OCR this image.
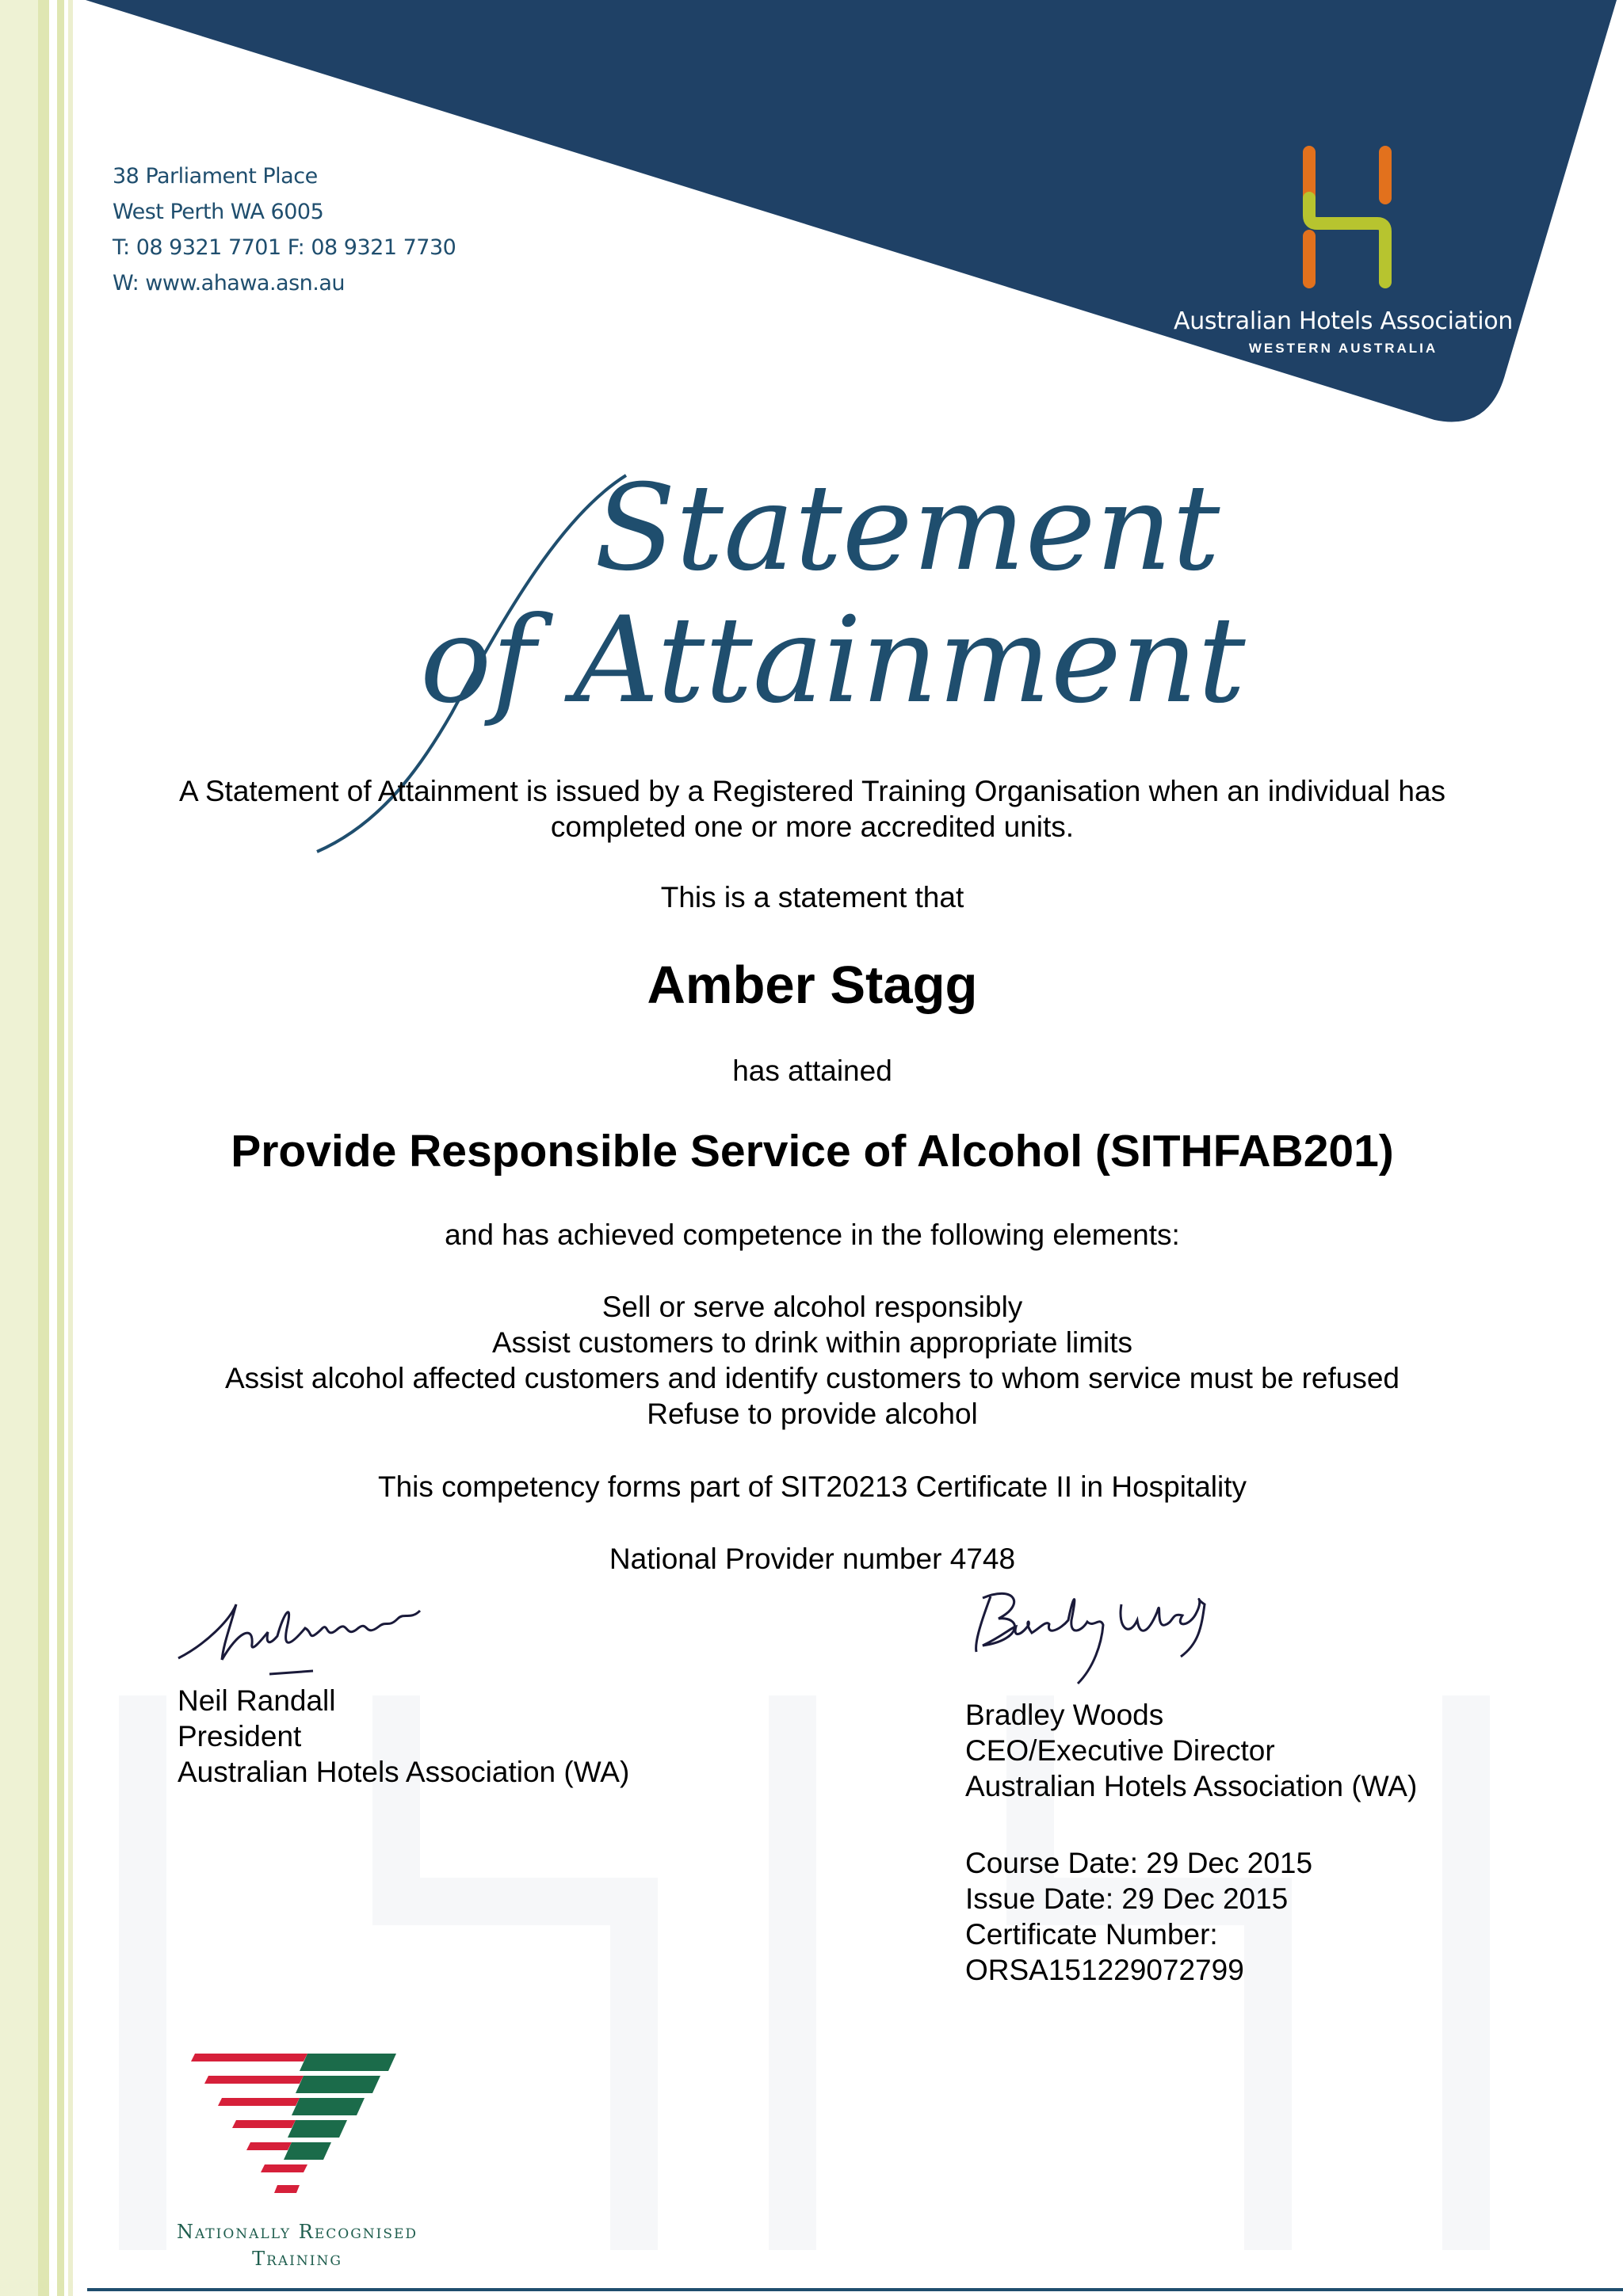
38 Parliament Place
West Perth WA 6005
T: 08 9321 7701 F: 08 9321 7730
W: www.ahawa.asn.au
Australian Hotels Association
WESTERN AUSTRALIA
Statement
of Attainment
A Statement of Attainment is issued by a Registered Training Organisation when an individual has
completed one or more accredited units.
This is a statement that
Amber Stagg
has attained
Provide Responsible Service of Alcohol (SITHFAB201)
and has achieved competence in the following elements:
Sell or serve alcohol responsibly
Assist customers to drink within appropriate limits
Assist alcohol affected customers and identify customers to whom service must be refused
Refuse to provide alcohol
This competency forms part of SIT20213 Certificate II in Hospitality
National Provider number 4748
Neil Randall
President
Australian Hotels Association (WA)
Bradley Woods
CEO/Executive Director
Australian Hotels Association (WA)
Course Date: 29 Dec 2015
Issue Date: 29 Dec 2015
Certificate Number:
ORSA151229072799
Nationally Recognised
Training
